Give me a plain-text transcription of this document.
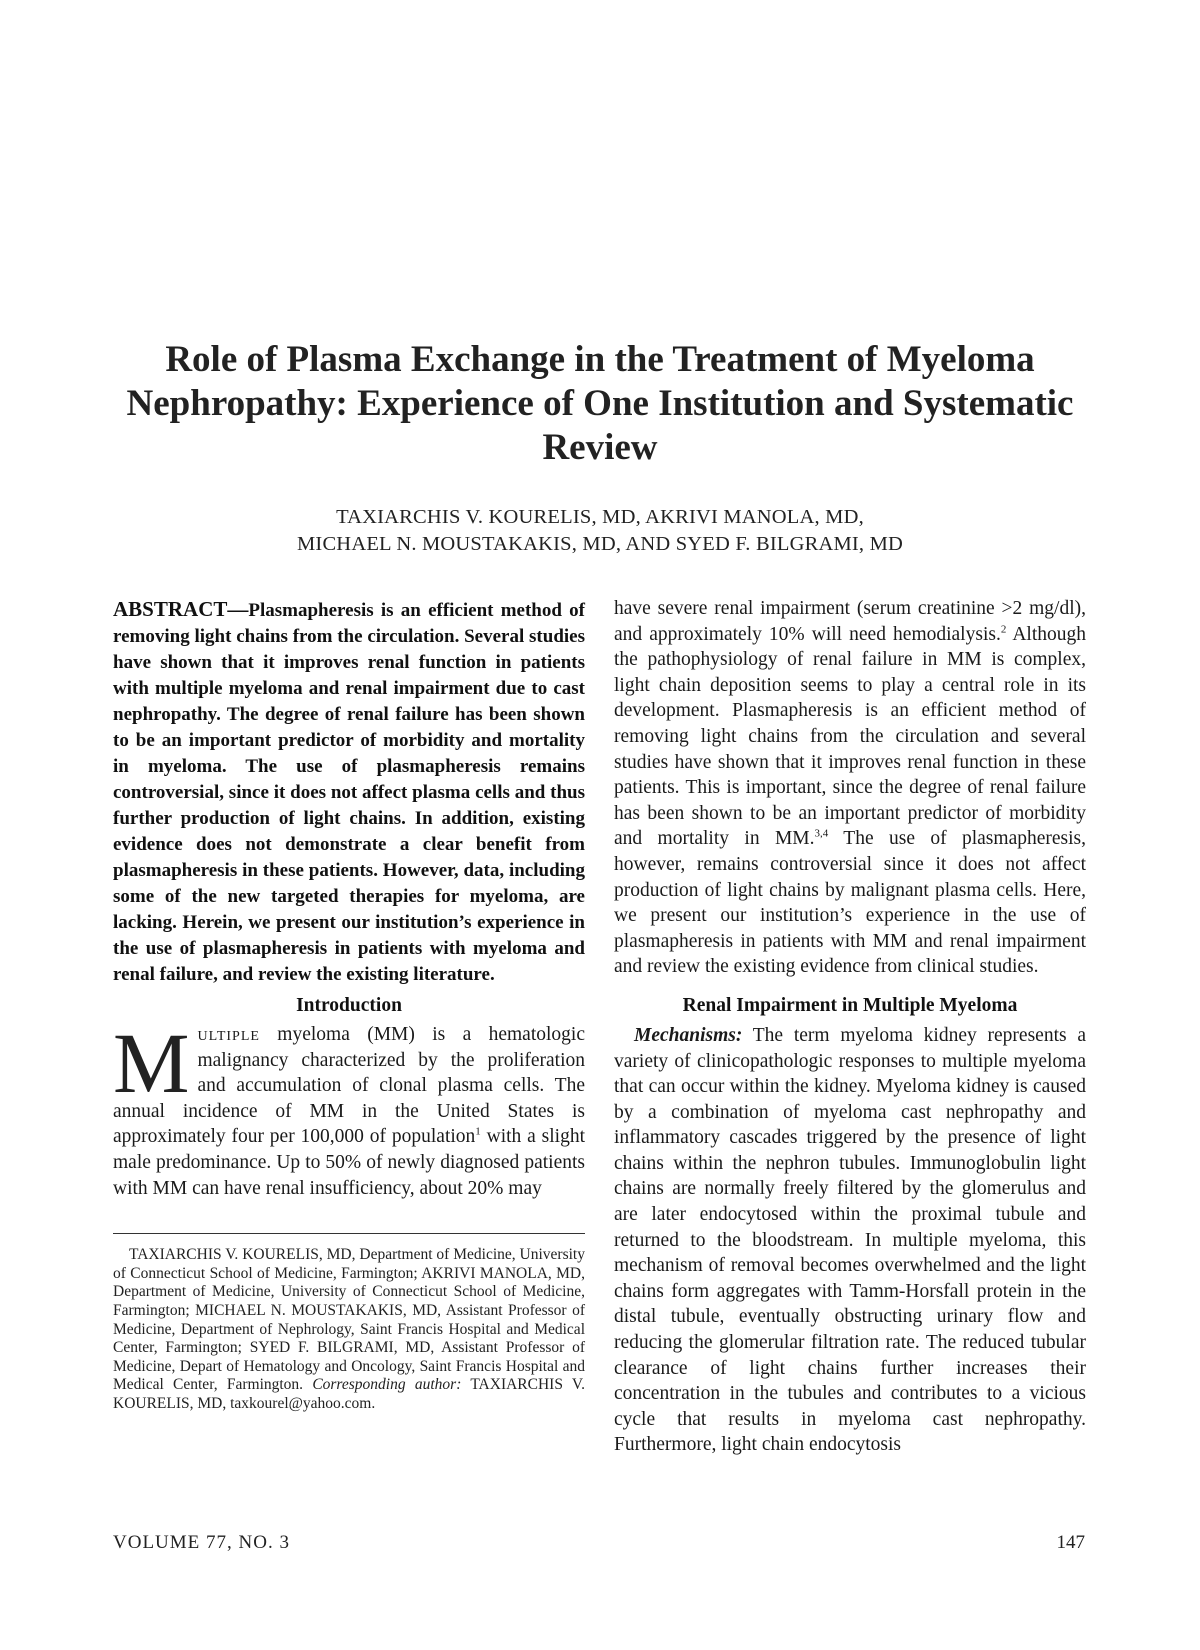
Role of Plasma Exchange in the Treatment of Myeloma Nephropathy: Experience of One Institution and Systematic Review
TAXIARCHIS V. KOURELIS, MD, AKRIVI MANOLA, MD,
MICHAEL N. MOUSTAKAKIS, MD, AND SYED F. BILGRAMI, MD

ABSTRACT—Plasmapheresis is an efficient method of removing light chains from the circulation. Several studies have shown that it improves renal function in patients with multiple myeloma and renal impairment due to cast nephropathy. The degree of renal failure has been shown to be an important predictor of morbidity and mortality in myeloma. The use of plasmapheresis remains controversial, since it does not affect plasma cells and thus further production of light chains. In addition, existing evidence does not demonstrate a clear benefit from plasmapheresis in these patients. However, data, including some of the new targeted therapies for myeloma, are lacking. Herein, we present our institution’s experience in the use of plasmapheresis in patients with myeloma and renal failure, and review the existing literature.

Introduction

Multiple myeloma (MM) is a hematologic malignancy characterized by the proliferation and accumulation of clonal plasma cells. The annual incidence of MM in the United States is approximately four per 100,000 of population$^1$ with a slight male predominance. Up to 50% of newly diagnosed patients with MM can have renal insufficiency, about 20% may

TAXIARCHIS V. KOURELIS, MD, Department of Medicine, University of Connecticut School of Medicine, Farmington; AKRIVI MANOLA, MD, Department of Medicine, University of Connecticut School of Medicine, Farmington; MICHAEL N. MOUSTAKAKIS, MD, Assistant Professor of Medicine, Department of Nephrology, Saint Francis Hospital and Medical Center, Farmington; SYED F. BILGRAMI, MD, Assistant Professor of Medicine, Depart of Hematology and Oncology, Saint Francis Hospital and Medical Center, Farmington. Corresponding author: TAXIARCHIS V. KOURELIS, MD, taxkourel@yahoo.com.

have severe renal impairment (serum creatinine >2 mg/dl), and approximately 10% will need hemodialysis.$^2$ Although the pathophysiology of renal failure in MM is complex, light chain deposition seems to play a central role in its development. Plasmapheresis is an efficient method of removing light chains from the circulation and several studies have shown that it improves renal function in these patients. This is important, since the degree of renal failure has been shown to be an important predictor of morbidity and mortality in MM.$^{3,4}$ The use of plasmapheresis, however, remains controversial since it does not affect production of light chains by malignant plasma cells. Here, we present our institution’s experience in the use of plasmapheresis in patients with MM and renal impairment and review the existing evidence from clinical studies.

Renal Impairment in Multiple Myeloma

Mechanisms: The term myeloma kidney represents a variety of clinicopathologic responses to multiple myeloma that can occur within the kidney. Myeloma kidney is caused by a combination of myeloma cast nephropathy and inflammatory cascades triggered by the presence of light chains within the nephron tubules. Immunoglobulin light chains are normally freely filtered by the glomerulus and are later endocytosed within the proximal tubule and returned to the bloodstream. In multiple myeloma, this mechanism of removal becomes overwhelmed and the light chains form aggregates with Tamm-Horsfall protein in the distal tubule, eventually obstructing urinary flow and reducing the glomerular filtration rate. The reduced tubular clearance of light chains further increases their concentration in the tubules and contributes to a vicious cycle that results in myeloma cast nephropathy. Furthermore, light chain endocytosis

VOLUME 77, NO. 3	147
